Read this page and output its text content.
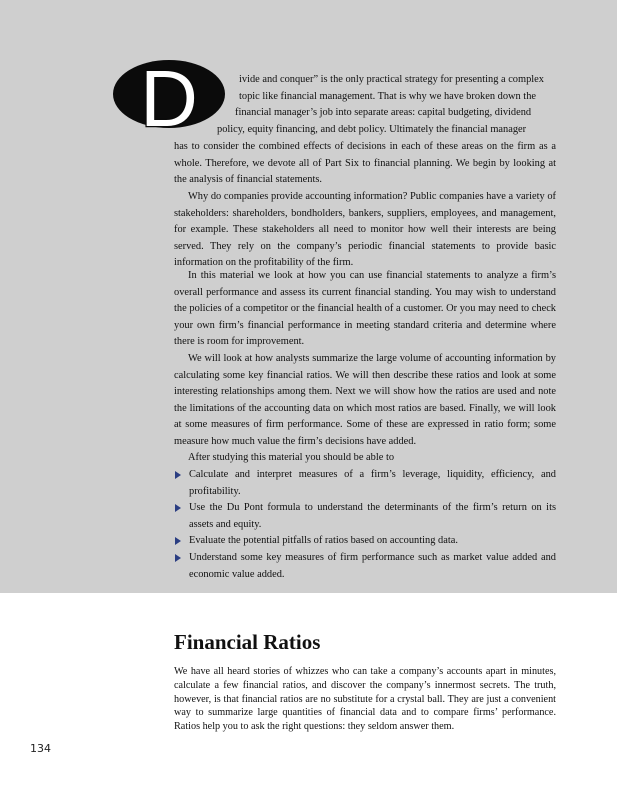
D	ivide and conquer” is the only practical strategy for presenting a complex

topic like financial management. That is why we have broken down the

financial manager’s job into separate areas: capital budgeting, dividend

policy, equity financing, and debt policy. Ultimately the financial manager

has to consider the combined effects of decisions in each of these areas on the firm as a whole. Therefore, we devote all of Part Six to financial planning. We begin by looking at the analysis of financial statements.

Why do companies provide accounting information? Public companies have a variety of stakeholders: shareholders, bondholders, bankers, suppliers, employees, and management, for example. These stakeholders all need to monitor how well their interests are being served. They rely on the company’s periodic financial statements to provide basic information on the profitability of the firm.

In this material we look at how you can use financial statements to analyze a firm’s overall performance and assess its current financial standing. You may wish to understand the policies of a competitor or the financial health of a customer. Or you may need to check your own firm’s financial performance in meeting standard criteria and determine where there is room for improvement.

We will look at how analysts summarize the large volume of accounting information by calculating some key financial ratios. We will then describe these ratios and look at some interesting relationships among them. Next we will show how the ratios are used and note the limitations of the accounting data on which most ratios are based. Finally, we will look at some measures of firm performance. Some of these are expressed in ratio form; some measure how much value the firm’s decisions have added.

After studying this material you should be able to

Calculate and interpret measures of a firm’s leverage, liquidity, efficiency, and profitability.
Use the Du Pont formula to understand the determinants of the firm’s return on its assets and equity.
Evaluate the potential pitfalls of ratios based on accounting data.
Understand some key measures of firm performance such as market value added and economic value added.
Financial Ratios

We have all heard stories of whizzes who can take a company’s accounts apart in minutes, calculate a few financial ratios, and discover the company’s innermost secrets. The truth, however, is that financial ratios are no substitute for a crystal ball. They are just a convenient way to summarize large quantities of financial data and to compare firms’ performance. Ratios help you to ask the right questions: they seldom answer them.

134
